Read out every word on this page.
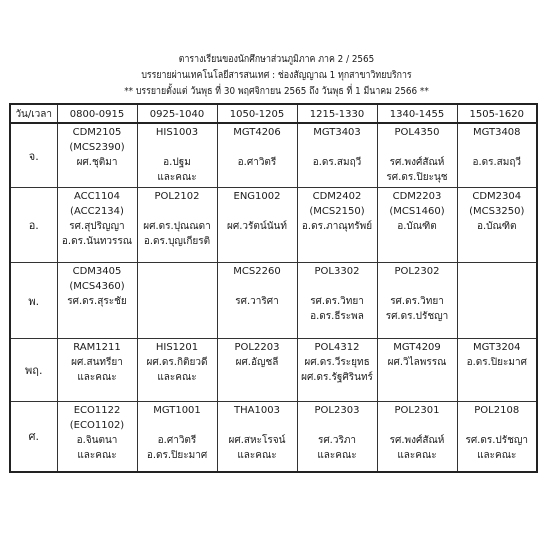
ตารางเรียนของนักศึกษาส่วนภูมิภาค ภาค 2 / 2565
บรรยายผ่านเทคโนโลยีสารสนเทศ : ช่องสัญญาณ 1 ทุกสาขาวิทยบริการ
** บรรยายตั้งแต่ วันพุธ ที่ 30 พฤศจิกายน 2565 ถึง วันพุธ ที่ 1 มีนาคม 2566 **
วัน/เวลา	0800-0915	0925-1040	1050-1205	1215-1330	1340-1455	1505-1620
จ.	CDM2105
(MCS2390)
ผศ.ชุติมา	HIS1003
อ.ปฐม
และคณะ	MGT4206
อ.ศาวิตรี	MGT3403
อ.ดร.สมฤวี	POL4350
รศ.พงศ์สัณห์
รศ.ดร.ปิยะนุช	MGT3408
อ.ดร.สมฤวี

อ.	ACC1104
(ACC2134)
รศ.สุปริญญา
อ.ดร.นันทวรรณ	POL2102
ผศ.ดร.ปุณณดา
อ.ดร.บุญเกียรติ	ENG1002
ผศ.วรัตน์นันท์	CDM2402
(MCS2150)
อ.ดร.ภาณุทรัพย์	CDM2203
(MCS1460)
อ.บัณฑิต	CDM2304
(MCS3250)
อ.บัณฑิต

พ.	CDM3405
(MCS4360)
รศ.ดร.สุระชัย		MCS2260
รศ.วาริศา	POL3302
รศ.ดร.วิทยา
อ.ดร.ธีระพล	POL2302
รศ.ดร.วิทยา
รศ.ดร.ปรัชญา	

พฤ.	RAM1211
ผศ.สนทรียา
และคณะ	HIS1201
ผศ.ดร.กิติยวดี
และคณะ	POL2203
ผศ.อัญชลี	POL4312
ผศ.ดร.วีระยุทธ
ผศ.ดร.รัฐศิรินทร์	MGT4209
ผศ.วิไลพรรณ	MGT3204
อ.ดร.ปิยะมาศ

ศ.	ECO1122
(ECO1102)
อ.จินตนา
และคณะ	MGT1001
อ.ศาวิตรี
อ.ดร.ปิยะมาศ	THA1003
ผศ.สหะโรจน์
และคณะ	POL2303
รศ.วริภา
และคณะ	POL2301
รศ.พงศ์สัณห์
และคณะ	POL2108
รศ.ดร.ปรัชญา
และคณะ
